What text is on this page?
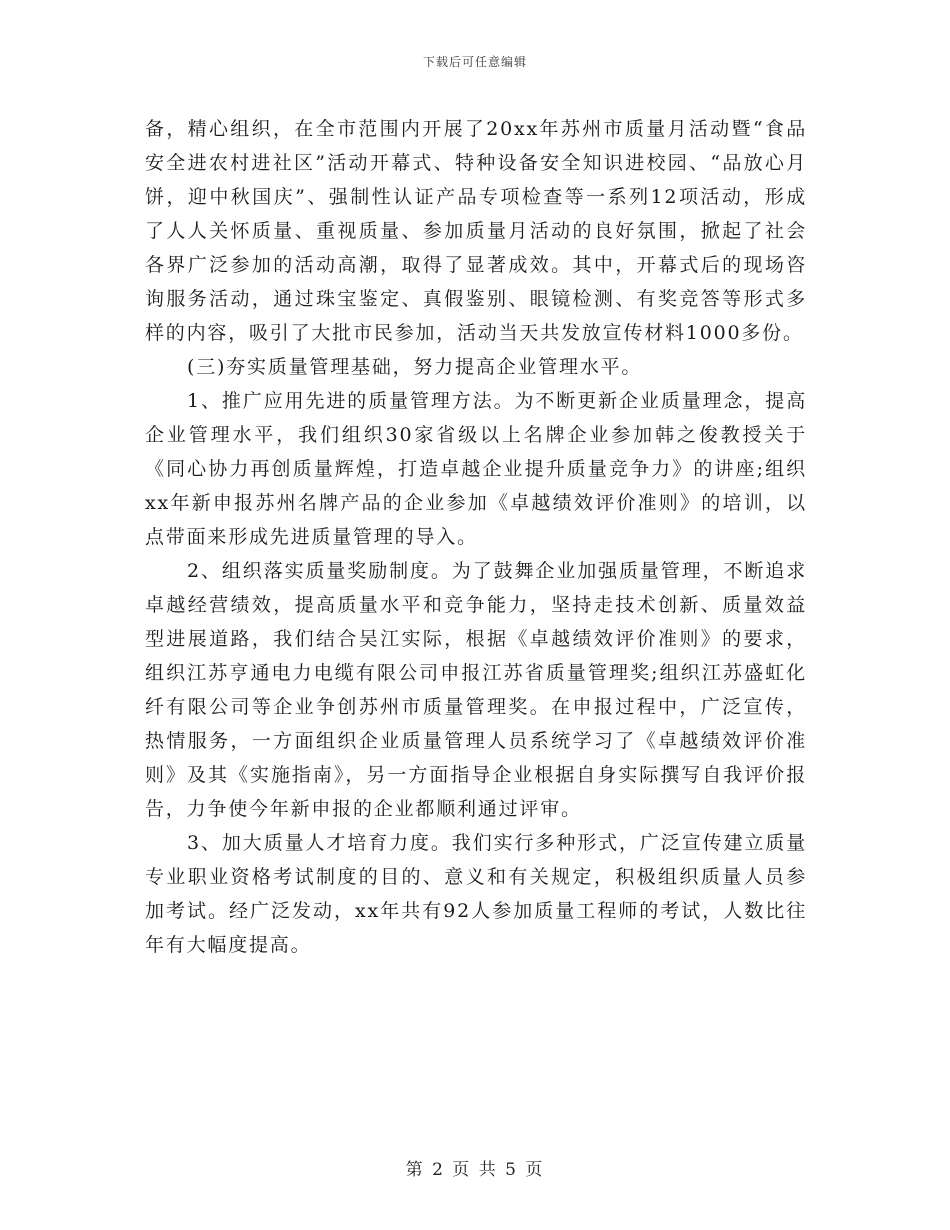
下载后可任意编辑

备，精心组织，在全市范围内开展了20xx年苏州市质量月活动暨“食品安全进农村进社区”活动开幕式、特种设备安全知识进校园、“品放心月饼，迎中秋国庆”、强制性认证产品专项检查等一系列12项活动，形成了人人关怀质量、重视质量、参加质量月活动的良好氛围，掀起了社会各界广泛参加的活动高潮，取得了显著成效。其中，开幕式后的现场咨询服务活动，通过珠宝鉴定、真假鉴别、眼镜检测、有奖竞答等形式多样的内容，吸引了大批市民参加，活动当天共发放宣传材料1000多份。

(三)夯实质量管理基础，努力提高企业管理水平。

1、推广应用先进的质量管理方法。为不断更新企业质量理念，提高企业管理水平，我们组织30家省级以上名牌企业参加韩之俊教授关于《同心协力再创质量辉煌，打造卓越企业提升质量竞争力》的讲座;组织xx年新申报苏州名牌产品的企业参加《卓越绩效评价准则》的培训，以点带面来形成先进质量管理的导入。

2、组织落实质量奖励制度。为了鼓舞企业加强质量管理，不断追求卓越经营绩效，提高质量水平和竞争能力，坚持走技术创新、质量效益型进展道路，我们结合吴江实际，根据《卓越绩效评价准则》的要求，组织江苏亨通电力电缆有限公司申报江苏省质量管理奖;组织江苏盛虹化纤有限公司等企业争创苏州市质量管理奖。在申报过程中，广泛宣传，热情服务，一方面组织企业质量管理人员系统学习了《卓越绩效评价准则》及其《实施指南》，另一方面指导企业根据自身实际撰写自我评价报告，力争使今年新申报的企业都顺利通过评审。

3、加大质量人才培育力度。我们实行多种形式，广泛宣传建立质量专业职业资格考试制度的目的、意义和有关规定，积极组织质量人员参加考试。经广泛发动，xx年共有92人参加质量工程师的考试，人数比往年有大幅度提高。

第 2 页 共 5 页
